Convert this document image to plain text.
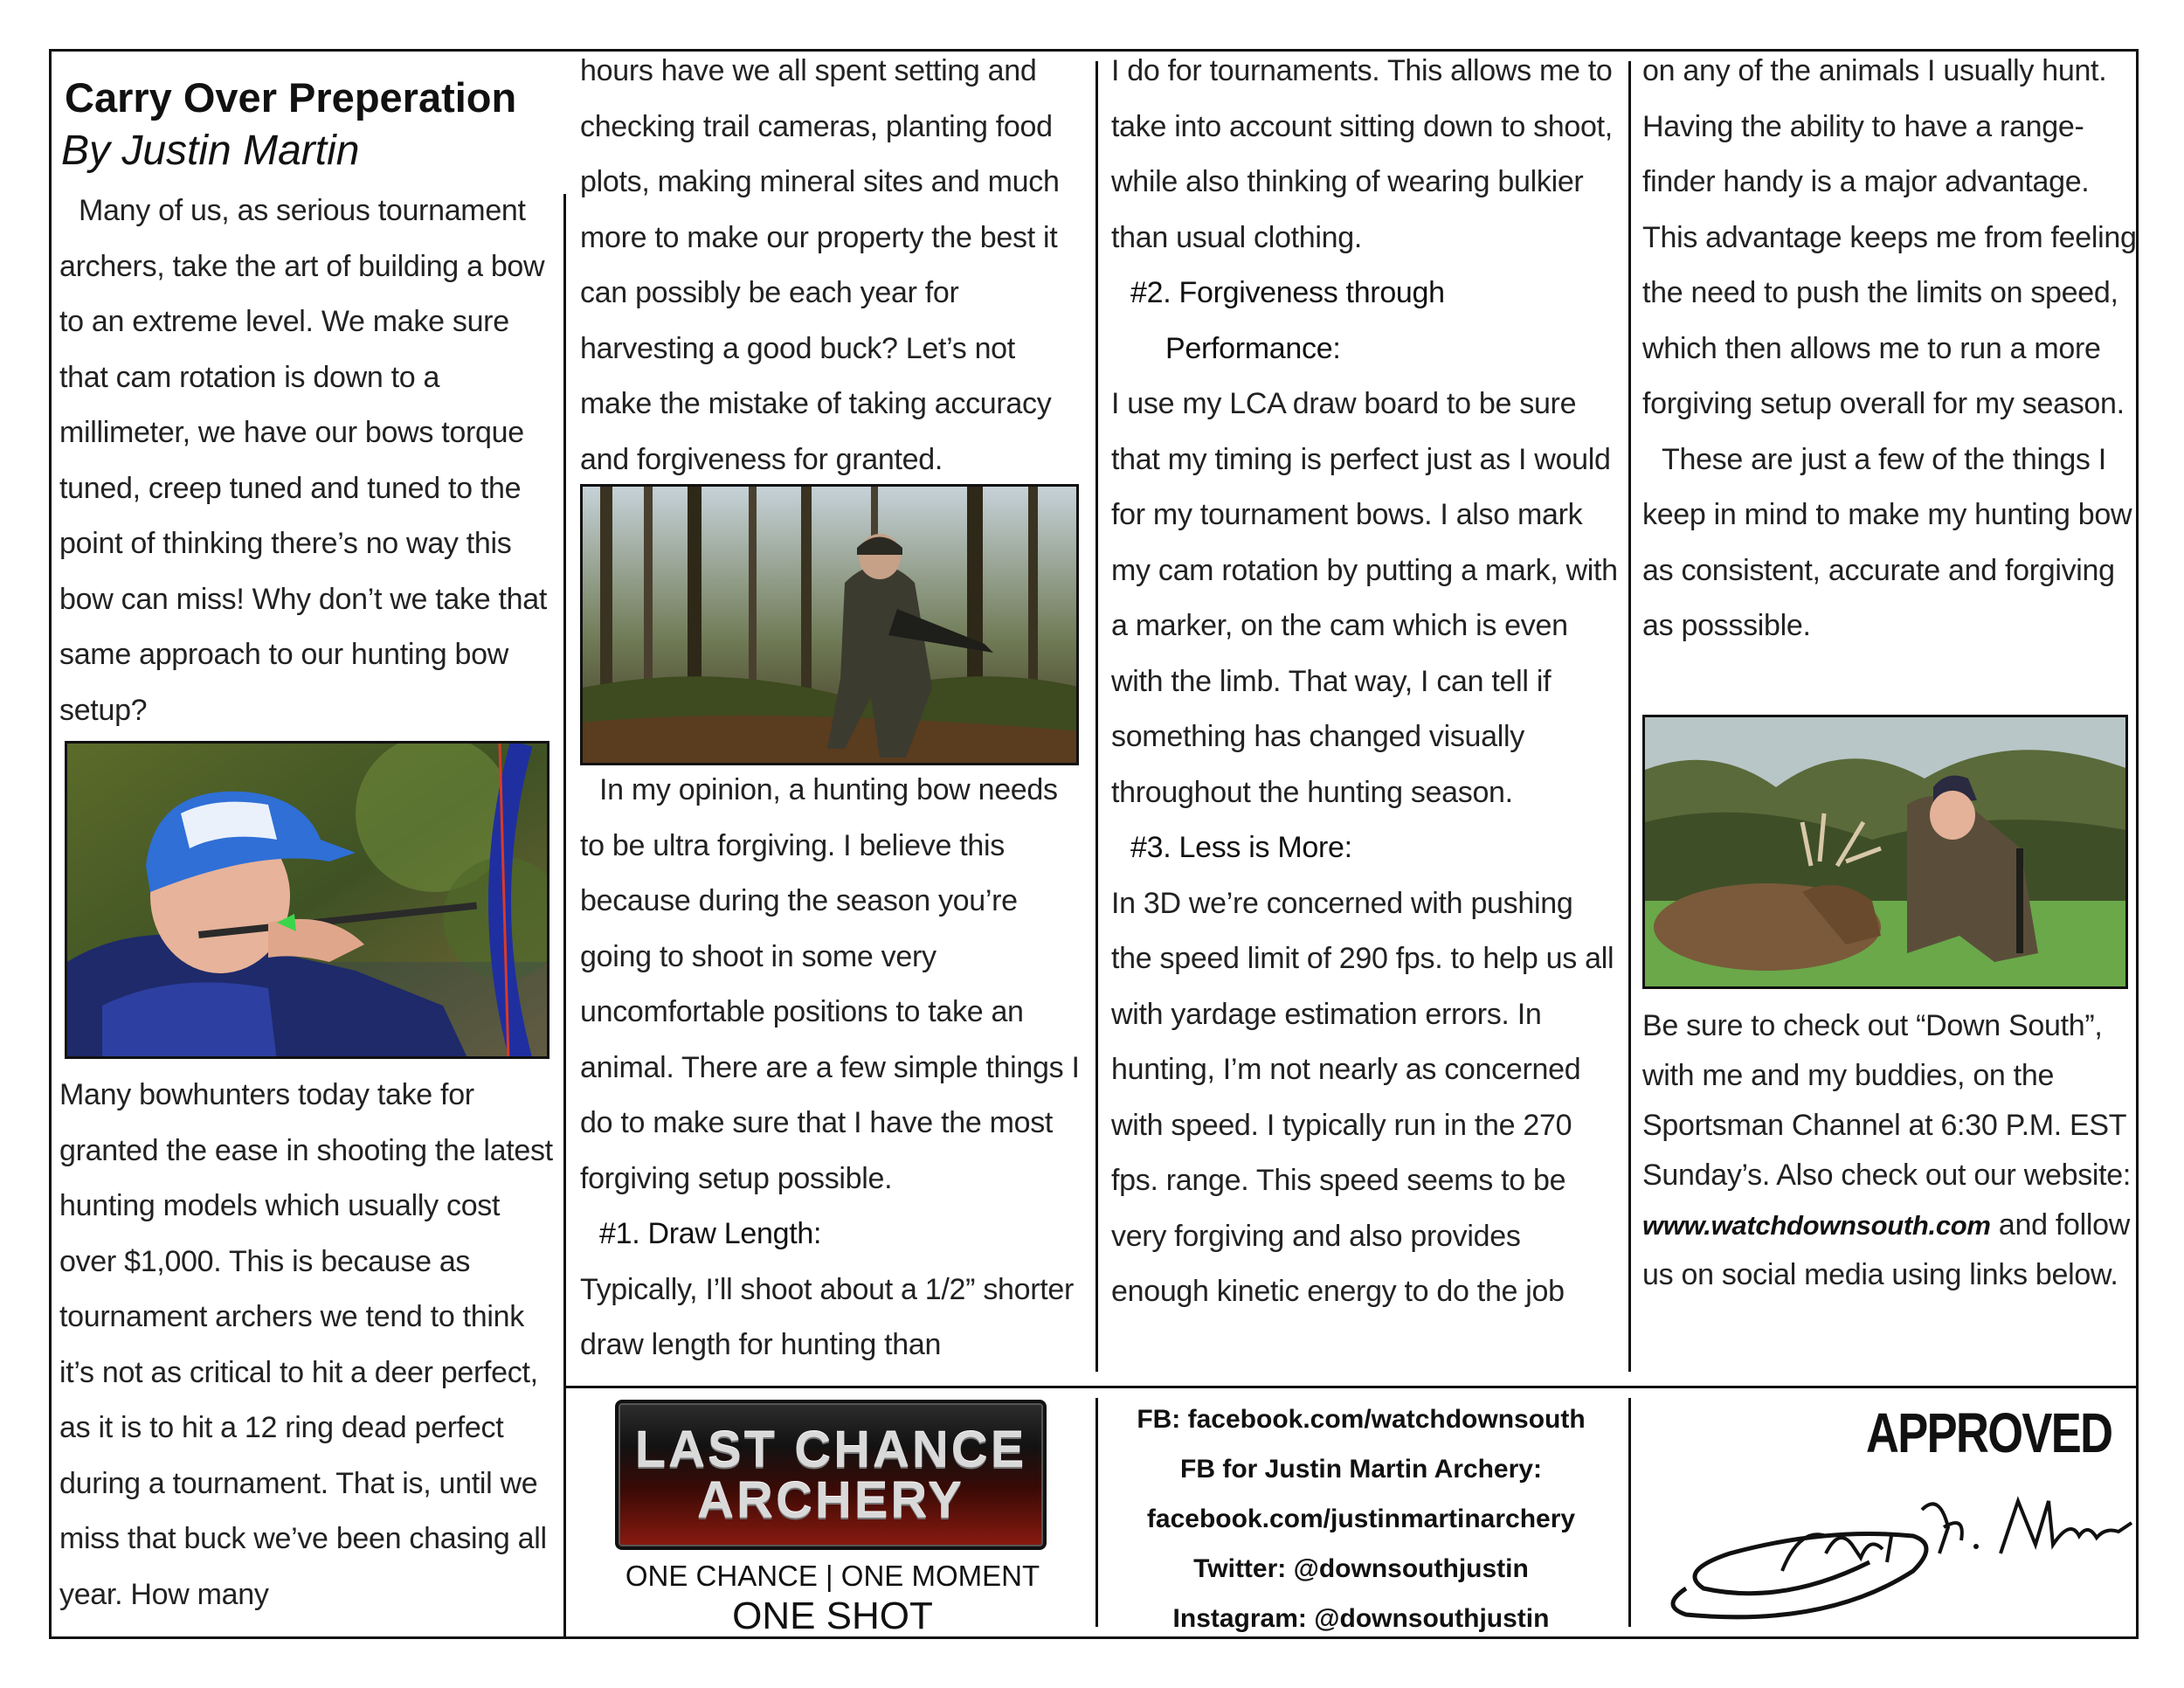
Carry Over Preperation
By Justin Martin

Many of us, as serious tournament archers, take the art of building a bow to an extreme level. We make sure that cam rotation is down to a millimeter, we have our bows torque tuned, creep tuned and tuned to the point of thinking there’s no way this bow can miss! Why don’t we take that same approach to our hunting bow setup?

Many bowhunters today take for granted the ease in shooting the latest hunting models which usually cost over $1,000. This is because as tournament archers we tend to think it’s not as critical to hit a deer perfect, as it is to hit a 12 ring dead perfect during a tournament. That is, until we miss that buck we’ve been chasing all year. How many

hours have we all spent setting and checking trail cameras, planting food plots, making mineral sites and much more to make our property the best it can possibly be each year for harvesting a good buck? Let’s not make the mistake of taking accuracy and forgiveness for granted.

In my opinion, a hunting bow needs to be ultra forgiving. I believe this because during the season you’re going to shoot in some very uncomfortable positions to take an animal. There are a few simple things I do to make sure that I have the most forgiving setup possible.

#1. Draw Length:

Typically, I’ll shoot about a 1/2” shorter draw length for hunting than

I do for tournaments. This allows me to take into account sitting down to shoot, while also thinking of wearing bulkier than usual clothing.

#2. Forgiveness through

Performance:

I use my LCA draw board to be sure that my timing is perfect just as I would for my tournament bows. I also mark my cam rotation by putting a mark, with a marker, on the cam which is even with the limb. That way, I can tell if something has changed visually throughout the hunting season.

#3. Less is More:

In 3D we’re concerned with pushing the speed limit of 290 fps. to help us all with yardage estimation errors. In hunting, I’m not nearly as concerned with speed. I typically run in the 270 fps. range. This speed seems to be very forgiving and also provides enough kinetic energy to do the job

on any of the animals I usually hunt. Having the ability to have a range-finder handy is a major advantage. This advantage keeps me from feeling the need to push the limits on speed, which then allows me to run a more forgiving setup overall for my season.

These are just a few of the things I keep in mind to make my hunting bow as consistent, accurate and forgiving as posssible.

Be sure to check out “Down South”, with me and my buddies, on the Sportsman Channel at 6:30 P.M. EST Sunday’s. Also check out our website: www.watchdownsouth.com and follow us on social media using links below.

LAST CHANCE
ARCHERY
ONE CHANCE | ONE MOMENT
ONE SHOT
FB: facebook.com/watchdownsouth
FB for Justin Martin Archery:
facebook.com/justinmartinarchery
Twitter: @downsouthjustin
Instagram: @downsouthjustin
APPROVED
